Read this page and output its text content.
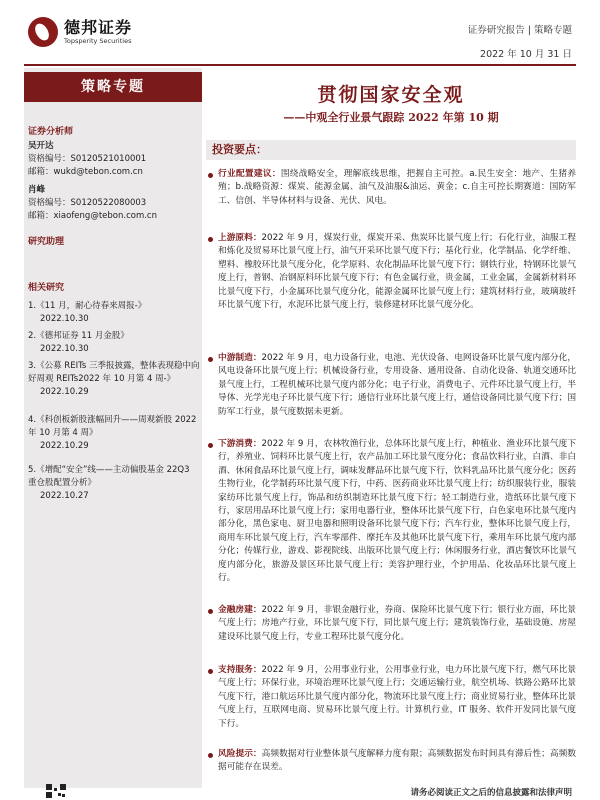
德邦证券
Topsperity Securities
证券研究报告 | 策略专题
2022 年 10 月 31 日
策略专题
证券分析师
吴开达
资格编号：S0120521010001
邮箱：wukd@tebon.com.cn
肖峰
资格编号：S0120522080003
邮箱：xiaofeng@tebon.com.cn
研究助理
相关研究
1.《11 月，耐心待春来周报-》
2022.10.30
2.《德邦证券 11 月金股》
2022.10.30
3.《公募 REITs 三季报披露，整体表现稳中向好周观 REITs2022 年 10 月第 4 周-》
2022.10.29
4.《科创板新股涨幅回升——周观新股 2022 年 10 月第 4 周》
2022.10.29
5.《增配“安全”线——主动偏股基金 22Q3 重仓股配置分析》
2022.10.27
贯彻国家安全观
——中观全行业景气跟踪 2022 年第 10 期
投资要点：
行业配置建议：围绕战略安全，理解底线思维，把握自主可控。a.民生安全：地产、生猪养殖；b.战略资源：煤炭、能源金属、油气及油服&油运、黄金；c.自主可控长期赛道：国防军工、信创、半导体材料与设备、光伏、风电。
上游原料：2022 年 9 月，煤炭行业，煤炭开采、焦炭环比景气度上行；石化行业，油服工程和炼化及贸易环比景气度上行，油气开采环比景气度下行；基化行业，化学制品、化学纤维、塑料、橡胶环比景气度分化，化学原料、农化制品环比景气度下行；钢铁行业，特钢环比景气度上行，普钢、冶钢原料环比景气度下行；有色金属行业，贵金属，工业金属，金属新材料环比景气度下行，小金属环比景气度分化，能源金属环比景气度上行；建筑材料行业，玻璃玻纤环比景气度下行，水泥环比景气度上行，装修建材环比景气度分化。
中游制造：2022 年 9 月，电力设备行业，电池、光伏设备、电网设备环比景气度内部分化，风电设备环比景气度上行；机械设备行业，专用设备、通用设备、自动化设备、轨道交通环比景气度上行，工程机械环比景气度内部分化；电子行业，消费电子、元件环比景气度上行，半导体、光学光电子环比景气度下行；通信行业环比景气度上行，通信设备同比景气度下行；国防军工行业，景气度数据未更新。
下游消费：2022 年 9 月，农林牧渔行业，总体环比景气度上行，种植业、渔业环比景气度下行，养殖业、饲料环比景气度上行，农产品加工环比景气度分化；食品饮料行业，白酒、非白酒、休闲食品环比景气度上行，调味发酵品环比景气度下行，饮料乳品环比景气度分化；医药生物行业，化学制药环比景气度下行，中药、医药商业环比景气度上行；纺织服装行业，服装家纺环比景气度上行，饰品和纺织制造环比景气度下行；轻工制造行业，造纸环比景气度下行，家居用品环比景气度上行；家用电器行业，整体环比景气度下行，白色家电环比景气度内部分化，黑色家电、厨卫电器和照明设备环比景气度下行；汽车行业，整体环比景气度上行，商用车环比景气度上行，汽车零部件、摩托车及其他环比景气度下行，乘用车环比景气度内部分化；传媒行业，游戏、影视院线、出版环比景气度上行；休闲服务行业，酒店餐饮环比景气度内部分化，旅游及景区环比景气度上行；美容护理行业，个护用品、化妆品环比景气度上行。
金融房建：2022 年 9 月，非银金融行业，券商、保险环比景气度下行；银行业方面，环比景气度上行；房地产行业，环比景气度下行，同比景气度上行；建筑装饰行业，基础设施、房屋建设环比景气度上行，专业工程环比景气度分化。
支持服务：2022 年 9 月，公用事业行业，公用事业行业，电力环比景气度下行，燃气环比景气度上行；环保行业，环境治理环比景气度上行；交通运输行业，航空机场、铁路公路环比景气度下行，港口航运环比景气度内部分化，物流环比景气度上行；商业贸易行业，整体环比景气度上行，互联网电商、贸易环比景气度上行。计算机行业，IT 服务、软件开发同比景气度下行。
风险提示：高频数据对行业整体景气度解释力度有限；高频数据发布时间具有滞后性；高频数据可能存在误差。
请务必阅读正文之后的信息披露和法律声明
